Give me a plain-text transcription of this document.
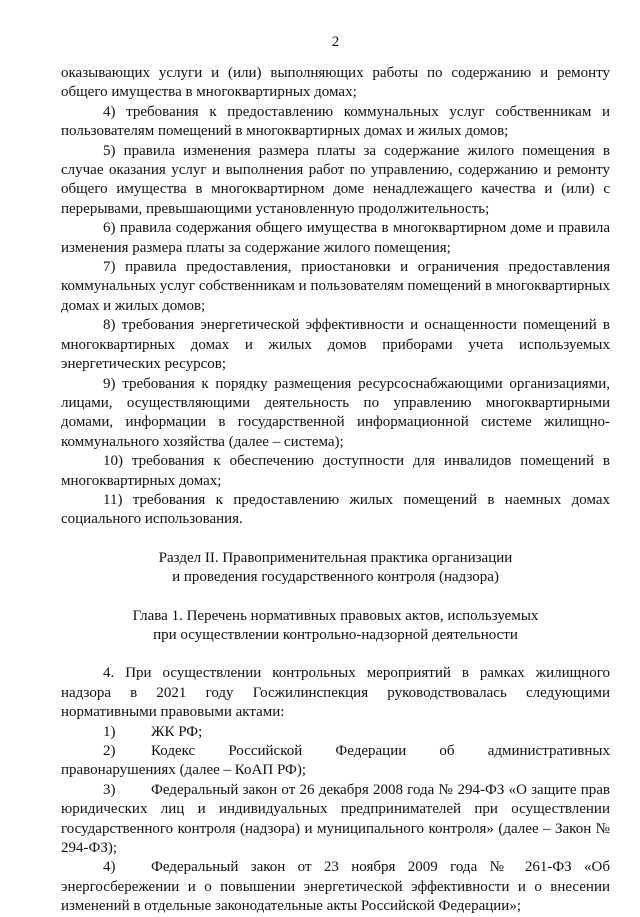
2

оказывающих услуги и (или) выполняющих работы по содержанию и ремонту общего имущества в многоквартирных домах;

4) требования к предоставлению коммунальных услуг собственникам и пользователям помещений в многоквартирных домах и жилых домов;

5) правила изменения размера платы за содержание жилого помещения в случае оказания услуг и выполнения работ по управлению, содержанию и ремонту общего имущества в многоквартирном доме ненадлежащего качества и (или) с перерывами, превышающими установленную продолжительность;

6) правила содержания общего имущества в многоквартирном доме и правила изменения размера платы за содержание жилого помещения;

7) правила предоставления, приостановки и ограничения предоставления коммунальных услуг собственникам и пользователям помещений в многоквартирных домах и жилых домов;

8) требования энергетической эффективности и оснащенности помещений в многоквартирных домах и жилых домов приборами учета используемых энергетических ресурсов;

9) требования к порядку размещения ресурсоснабжающими организациями, лицами, осуществляющими деятельность по управлению многоквартирными домами, информации в государственной информационной системе жилищно-коммунального хозяйства (далее – система);

10) требования к обеспечению доступности для инвалидов помещений в многоквартирных домах;

11) требования к предоставлению жилых помещений в наемных домах социального использования.

Раздел II. Правоприменительная практика организации
и проведения государственного контроля (надзора)
Глава 1. Перечень нормативных правовых актов, используемых
при осуществлении контрольно-надзорной деятельности

4. При осуществлении контрольных мероприятий в рамках жилищного надзора в 2021 году Госжилинспекция руководствовалась следующими нормативными правовыми актами:

1) ЖК РФ;

2) Кодекс Российской Федерации об административных правонарушениях (далее – КоАП РФ);

3) Федеральный закон от 26 декабря 2008 года № 294-ФЗ «О защите прав юридических лиц и индивидуальных предпринимателей при осуществлении государственного контроля (надзора) и муниципального контроля» (далее – Закон № 294-ФЗ);

4) Федеральный закон от 23 ноября 2009 года № 261-ФЗ «Об энергосбережении и о повышении энергетической эффективности и о внесении изменений в отдельные законодательные акты Российской Федерации»;
